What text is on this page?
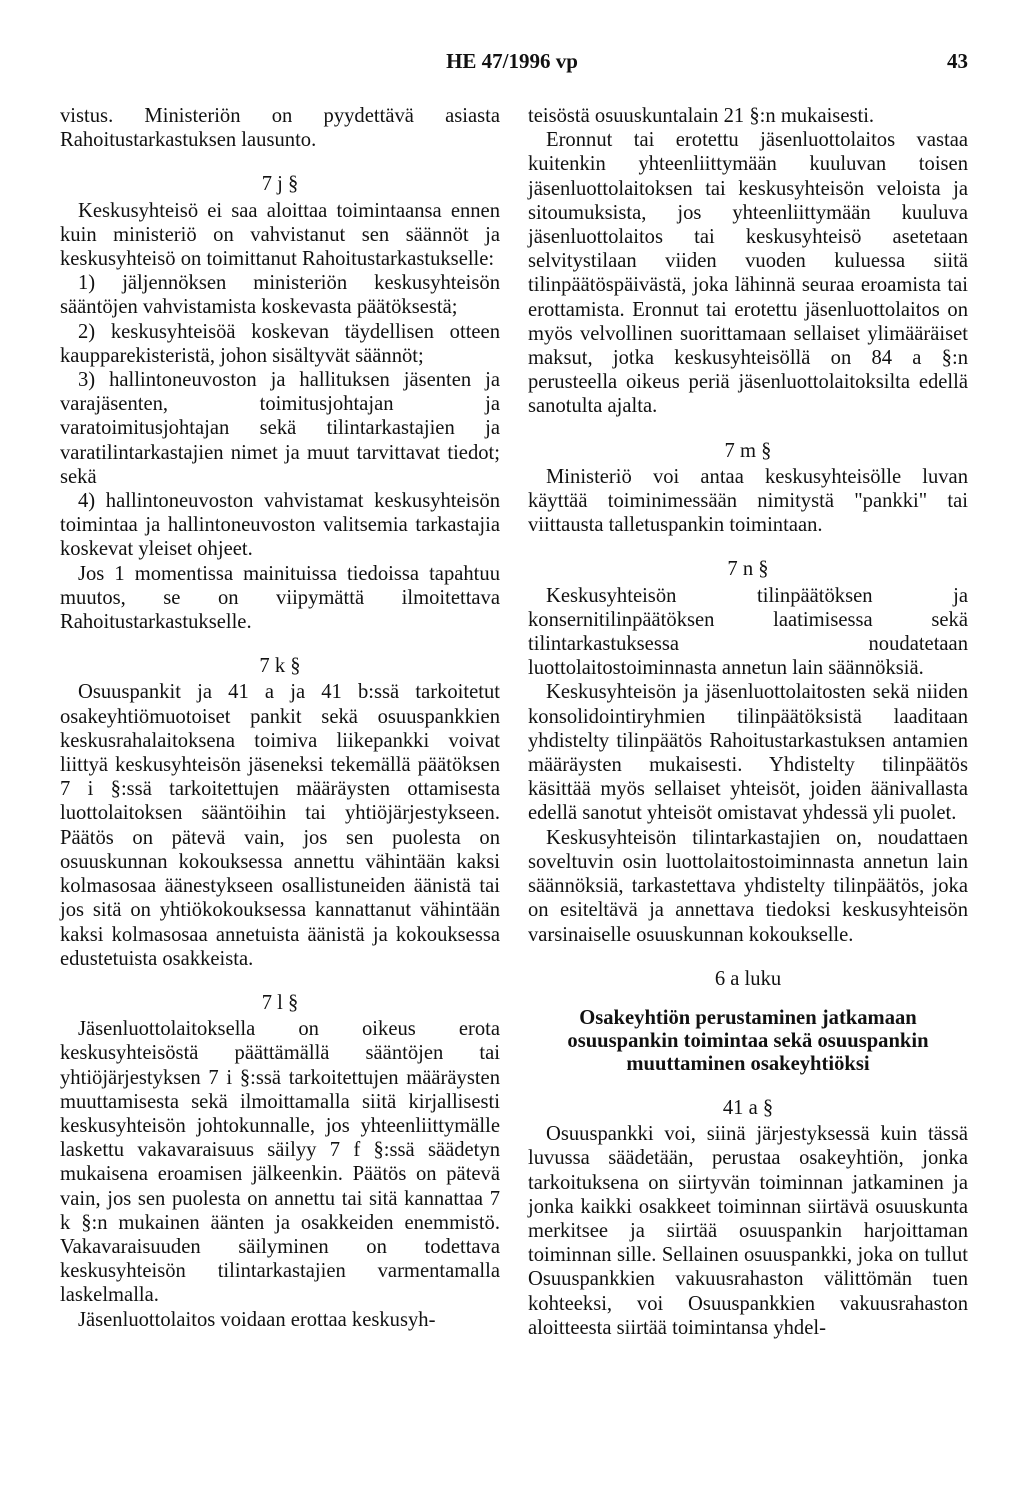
HE 47/1996 vp	43

vistus. Ministeriön on pyydettävä asiasta Rahoitustarkastuksen lausunto.

7 j §

Keskusyhteisö ei saa aloittaa toimintaansa ennen kuin ministeriö on vahvistanut sen säännöt ja keskusyhteisö on toimittanut Rahoitustarkastukselle:

1) jäljennöksen ministeriön keskusyhteisön sääntöjen vahvistamista koskevasta päätöksestä;

2) keskusyhteisöä koskevan täydellisen otteen kaupparekisteristä, johon sisältyvät säännöt;

3) hallintoneuvoston ja hallituksen jäsenten ja varajäsenten, toimitusjohtajan ja varatoimitusjohtajan sekä tilintarkastajien ja varatilintarkastajien nimet ja muut tarvittavat tiedot; sekä

4) hallintoneuvoston vahvistamat keskusyhteisön toimintaa ja hallintoneuvoston valitsemia tarkastajia koskevat yleiset ohjeet.

Jos 1 momentissa mainituissa tiedoissa tapahtuu muutos, se on viipymättä ilmoitettava Rahoitustarkastukselle.

7 k §

Osuuspankit ja 41 a ja 41 b:ssä tarkoitetut osakeyhtiömuotoiset pankit sekä osuuspankkien keskusrahalaitoksena toimiva liikepankki voivat liittyä keskusyhteisön jäseneksi tekemällä päätöksen 7 i §:ssä tarkoitettujen määräysten ottamisesta luottolaitoksen sääntöihin tai yhtiöjärjestykseen. Päätös on pätevä vain, jos sen puolesta on osuuskunnan kokouksessa annettu vähintään kaksi kolmasosaa äänestykseen osallistuneiden äänistä tai jos sitä on yhtiökokouksessa kannattanut vähintään kaksi kolmasosaa annetuista äänistä ja kokouksessa edustetuista osakkeista.

7 l §

Jäsenluottolaitoksella on oikeus erota keskusyhteisöstä päättämällä sääntöjen tai yhtiöjärjestyksen 7 i §:ssä tarkoitettujen määräysten muuttamisesta sekä ilmoittamalla siitä kirjallisesti keskusyhteisön johtokunnalle, jos yhteenliittymälle laskettu vakavaraisuus säilyy 7 f §:ssä säädetyn mukaisena eroamisen jälkeenkin. Päätös on pätevä vain, jos sen puolesta on annettu tai sitä kannattaa 7 k §:n mukainen äänten ja osakkeiden enemmistö. Vakavaraisuuden säilyminen on todettava keskusyhteisön tilintarkastajien varmentamalla laskelmalla.

Jäsenluottolaitos voidaan erottaa keskusyh-

teisöstä osuuskuntalain 21 §:n mukaisesti.

Eronnut tai erotettu jäsenluottolaitos vastaa kuitenkin yhteenliittymään kuuluvan toisen jäsenluottolaitoksen tai keskusyhteisön veloista ja sitoumuksista, jos yhteenliittymään kuuluva jäsenluottolaitos tai keskusyhteisö asetetaan selvitystilaan viiden vuoden kuluessa siitä tilinpäätöspäivästä, joka lähinnä seuraa eroamista tai erottamista. Eronnut tai erotettu jäsenluottolaitos on myös velvollinen suorittamaan sellaiset ylimääräiset maksut, jotka keskusyhteisöllä on 84 a §:n perusteella oikeus periä jäsenluottolaitoksilta edellä sanotulta ajalta.

7 m §

Ministeriö voi antaa keskusyhteisölle luvan käyttää toiminimessään nimitystä "pankki" tai viittausta talletuspankin toimintaan.

7 n §

Keskusyhteisön tilinpäätöksen ja konsernitilinpäätöksen laatimisessa sekä tilintarkastuksessa noudatetaan luottolaitostoiminnasta annetun lain säännöksiä.

Keskusyhteisön ja jäsenluottolaitosten sekä niiden konsolidointiryhmien tilinpäätöksistä laaditaan yhdistelty tilinpäätös Rahoitustarkastuksen antamien määräysten mukaisesti. Yhdistelty tilinpäätös käsittää myös sellaiset yhteisöt, joiden äänivallasta edellä sanotut yhteisöt omistavat yhdessä yli puolet.

Keskusyhteisön tilintarkastajien on, noudattaen soveltuvin osin luottolaitostoiminnasta annetun lain säännöksiä, tarkastettava yhdistelty tilinpäätös, joka on esiteltävä ja annettava tiedoksi keskusyhteisön varsinaiselle osuuskunnan kokoukselle.

6 a luku
Osakeyhtiön perustaminen jatkamaan osuuspankin toimintaa sekä osuuspankin muuttaminen osakeyhtiöksi
41 a §

Osuuspankki voi, siinä järjestyksessä kuin tässä luvussa säädetään, perustaa osakeyhtiön, jonka tarkoituksena on siirtyvän toiminnan jatkaminen ja jonka kaikki osakkeet toiminnan siirtävä osuuskunta merkitsee ja siirtää osuuspankin harjoittaman toiminnan sille. Sellainen osuuspankki, joka on tullut Osuuspankkien vakuusrahaston välittömän tuen kohteeksi, voi Osuuspankkien vakuusrahaston aloitteesta siirtää toimintansa yhdel-
